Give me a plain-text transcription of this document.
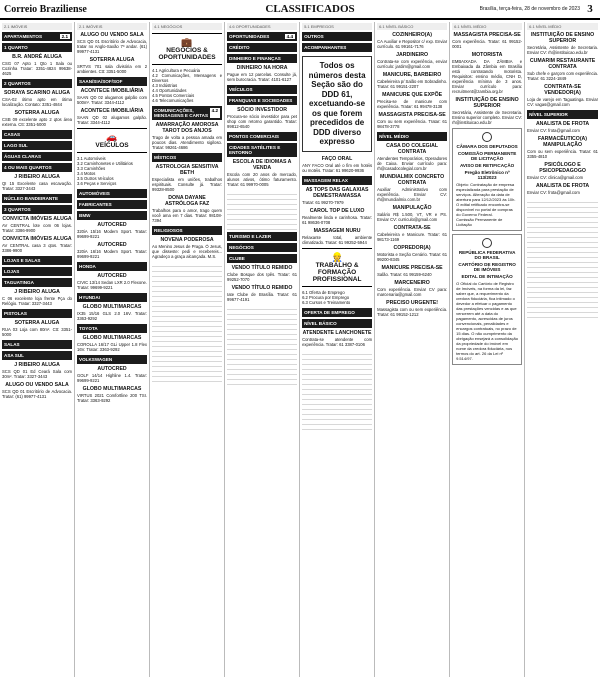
Correio Braziliense	CLASSIFICADOS	Brasília, terça-feira, 28 de novembro de 2023 3
2.1 IMÓVEIS
APARTAMENTOS	2.1
1 QUARTO
B.R. ANDRÉ ALUGA

CSG 07 Apto 1 Qto 1 Sala ou Cozinha Tratar: 3351-4824 99638-4625

2 QUARTOS
SORAYA SCARINO ALUGA

CSA-02 ótimo apto em ótima localização. Contato: 3351-4844

SOTERRA ALUGA

CSB 09 excelente apto 2 qtos área externa. Ctt: 3351-5000

CASAS
LAGO SUL
ÁGUAS CLARAS
4 OU MAIS QUARTOS
J RIBEIRO ALUGA

QI 15 Excelente casa escavação. Tratar: 3327-3443

NÚCLEO BANDEIRANTE
3 QUARTOS
CONVICTA IMÓVEIS ALUGA

AV CENTRAL lote com 06 lojas. Tratar: 3386-9900

CONVICTA IMÓVEIS ALUGA

AV CENTRAL casa 3 qtos. Tratar: 3386-9900

LOJAS E SALAS
LOJAS
TAGUATINGA
J RIBEIRO ALUGA

C 06 excelente loja frente Pça do Relógio. Tratar: 3327-3443

PISTOLAS
SOTERRA ALUGA

RUA 03 Loja com 80m². Ctt: 3351-5000

SALAS
ASA SUL
J RIBEIRO ALUGA

SCS QD 01 Ed Ceará Sala com 30m². Tratar: 3327-3443

ALUGO OU VENDO SALA

SCS QD 01 Escritório de Advocacia. Tratar: (61) 99977-4131

2.1 IMÓVEIS
ALUGO OU VENDO SALA

SCS QD 01 Escritório de Advocacia, tratar no Anglo-Saxão 7º andar. (61) 99977-4131

SOTERRA ALUGA

SRTVS 701 sala divisória em 2 ambientes. Ctt: 3351-5000

SAAN/SIA/SOF/SOF
ACONTECE IMOBILIÁRIA

SAAN QD 02 alugamos galpão com 500m². Tratar: 3344-4112

ACONTECE IMOBILIÁRIA

SAAN QD 02 alugamos galpão. Tratar: 3344-4112

🚗
VEÍCULOS

3.1 Automóveis

3.2 Caminhonetes e Utilitários

3.3 Caminhões

3.4 Motos

3.5 Outros Veículos

3.6 Peças e Serviços

AUTOMÓVEIS
FABRICANTES
BMW
AUTOCRED

320iA 15/16 Modern Sport. Tratar: 99699-9221

AUTOCRED

320iA 16/16 Modern Sport. Tratar: 99699-9221

HONDA
AUTOCRED

CIVIC 13/14 Sedan LXR 2.0 Flexone. Tratar: 99699-9221

HYUNDAI
GLOBO MULTIMARCAS

IX35 15/16 GLS 2.0 16V. Tratar: 3363-9292

TOYOTA
GLOBO MULTIMARCAS

COROLLA 16/17 GLi Upper 1.8 Flex 16V. Tratar: 3363-9292

VOLKSWAGEN
AUTOCRED

GOLF 14/14 Highline 1.4. Tratar: 99699-9221

GLOBO MULTIMARCAS

VIRTUS 2021 Comfortline 200 TSI. Tratar: 3363-9292

4.1 NEGÓCIOS
💼
NEGÓCIOS & OPORTUNIDADES

4.1 Agricultura e Pecuária

4.2 Comunicações, Mensagens e Diversos

4.3 Indústrias

4.4 Oportunidades

4.5 Pontos Comerciais

4.6 Telecomunicações

COMUNICAÇÕES, MENSAGENS E CARTAS
4.2
AMARRAÇÃO AMOROSA TAROT DOS ANJOS

Trago de volta a pessoa amada em poucos dias. Atendimento sigiloso. Tratar: 99261-4686

MÍSTICOS
ASTROLOGIA SENSITIVA BETH

Especialista em uniões, trabalhos espirituais. Consulte já. Tratar: 99328-8500

DONA DAYANE ASTRÓLOGA FAZ

Trabalhos para o amor, trago quem você ama em 7 dias. Tratar: 98108-7394

RELIGIOSOS
NOVENA PODEROSA

Ao Menino Jesus de Praga. Ó Jesus, que disseste: pedi e recebereis... Agradeço a graça alcançada. M.S.

4.6 OPORTUNIDADES
OPORTUNIDADES	4.4
CRÉDITO
DINHEIRO E FINANÇAS
DINHEIRO NA HORA

Pague em 12 parcelas. Consulte já, sem burocracia. Tratar: 4101-6127

VEÍCULOS
FRANQUIAS E SOCIEDADES
SÓCIO INVESTIDOR

Procura-se sócio investidor para pet shop com retorno garantido. Tratar: 99812-6540

PONTOS COMERCIAIS
CIDADES SATÉLITES E ENTORNO
ESCOLA DE IDIOMAS A VENDA

Escola com 20 anos de mercado, alunos ativos, ótimo faturamento. Tratar: 61 99970-0005

TURISMO E LAZER
NEGÓCIOS
CLUBE
VENDO TÍTULO REMIDO

Clube Bosque dos Ipês. Tratar: 61 99252-7070

VENDO TÍTULO REMIDO

Iate Clube de Brasília. Tratar: 61 99677-4191

5.1 EMPREGOS
OUTROS
ACOMPANHANTES
Todos os números desta Seção são do DDD 61, excetuando-se os que forem precedidos de DDD diverso expresso
FAÇO ORAL

ANY FACO Oral até o fim em hotéis ou motéis. Tratar: 61 99620-9936

MASSAGEM RELAX
A$ TOPS DAS GALAXIAS DEMESTRAMASSA

Tratar: 61 99270-7979

CAROL TOP DE LUXO

Realmente linda e carinhosa. Tratar: 61 98636-0708

MASSAGEM NURU

Relaxante total, ambiente climatizado. Tratar: 61 99252-5944

👷
TRABALHO & FORMAÇÃO PROFISSIONAL

6.1 Oferta de Emprego

6.2 Procura por Emprego

6.3 Cursos e Treinamento

OFERTA DE EMPREGO
NÍVEL BÁSICO
ATENDENTE LANCHONETE

Contrata-se atendente com experiência. Tratar: 61 3387-0106

6.1 NÍVEL BÁSICO
COZINHEIRO(A)

CA Auxiliar e Repositor c/ exp. Enviar currículo. 61 99161-7176

JARDINEIRO

Contrata-se com experiência, enviar currículo: jardim@gmail.com

MANICURE, BARBEIRO

Cabeleireira p/ Salão em Sobradinho. Tratar: 61 99151-2207

MANICURE QUE EXPÕE

Precisa-se de manicure com experiência. Tratar: 61 99478-3138

MASSAGISTA PRECISA-SE

Com ou sem experiência. Tratar: 61 98478-3778

NÍVEL MÉDIO
CASA DO COLEGIAL CONTRATA

Atendentes Temporários, Operadores de Caixa. Enviar currículo para: rh@casadocolegial.com.br

MUNDIALMIX CONCRETO CONTRATA

Auxiliar Administrativo com experiência. Enviar CV: rh@mundialmix.com.br

MANIPULAÇÃO

Salário R$ 1.500, VT, VR e PS. Enviar CV: curriculo@gmail.com

CONTRATA-SE

Cabeleireira e Manicure. Tratar: 61 98173-1169

COPREDOR(A)

Motorista e Seção Cenário. Tratar: 61 99200-8345

MANICURE PRECISA-SE

Salão. Tratar: 61 99159-6240

MARCENEIRO

Com experiência. Enviar CV para: marcenaria@gmail.com

PRECISO URGENTE!

Massagista com ou sem experiência. Tratar: 61 99152-1212

6.1 NÍVEL MÉDIO
MASSAGISTA PRECISA-SE

Com experiência. Tratar: 61 99152-0001

MOTORISTA

EMBAIXADA DA ZÂMBIA e Embaixada da Zâmbia em Brasília está contratando motorista. Requisitos: ensino médio, CNH D, experiência mínima de 3 anos. Enviar currículo para: recruitment@zambia.org.br

INSTITUIÇÃO DE ENSINO SUPERIOR

Secretária, Assistente de Secretaria. Ensino superior completo. Enviar CV: rh@instituicao.edu.br

CÂMARA DOS DEPUTADOS
COMISSÃO PERMANENTE DE LICITAÇÃO
AVISO DE RETIFICAÇÃO
Pregão Eletrônico nº 113/2023

Objeto: Contratação de empresa especializada para prestação de serviços. Alteração da data de abertura para 12/12/2023 às 10h. O edital retificado encontra-se disponível no portal de compras do Governo Federal.

Comissão Permanente de Licitação

REPÚBLICA FEDERATIVA DO BRASIL
CARTÓRIO DE REGISTRO DE IMÓVEIS
EDITAL DE INTIMAÇÃO

O Oficial do Cartório de Registro de Imóveis, na forma da lei, faz saber que, a requerimento da credora fiduciária, fica intimado o devedor a efetuar o pagamento das prestações vencidas e as que vencerem até a data do pagamento, acrescidas de juros convencionais, penalidades e encargos contratuais, no prazo de 15 dias. O não cumprimento da obrigação ensejará a consolidação da propriedade do imóvel em nome da credora fiduciária, nos termos do art. 26 da Lei nº 9.514/97.

6.1 NÍVEL MÉDIO
INSTITUIÇÃO DE ENSINO SUPERIOR

Secretária, Assistente de Secretaria. Enviar CV: rh@instituicao.edu.br

CUMARIM RESTAURANTE CONTRATA

Sub chefe e garçom com experiência. Tratar: 61 3224-1849

CONTRATA-SE VENDEDOR(A)

Loja de varejo em Taguatinga. Enviar CV: vagas@gmail.com

NÍVEL SUPERIOR
ANALISTA DE FROTA

Enviar CV: frota@gmail.com

FARMACÊUTICO(A) MANIPULAÇÃO

Com ou sem experiência. Tratar: 61 3355-4810

PSICÓLOGO E PSICOPEDAGOGO

Enviar CV: clinica@gmail.com

ANALISTA DE FROTA

Enviar CV: frota@gmail.com
